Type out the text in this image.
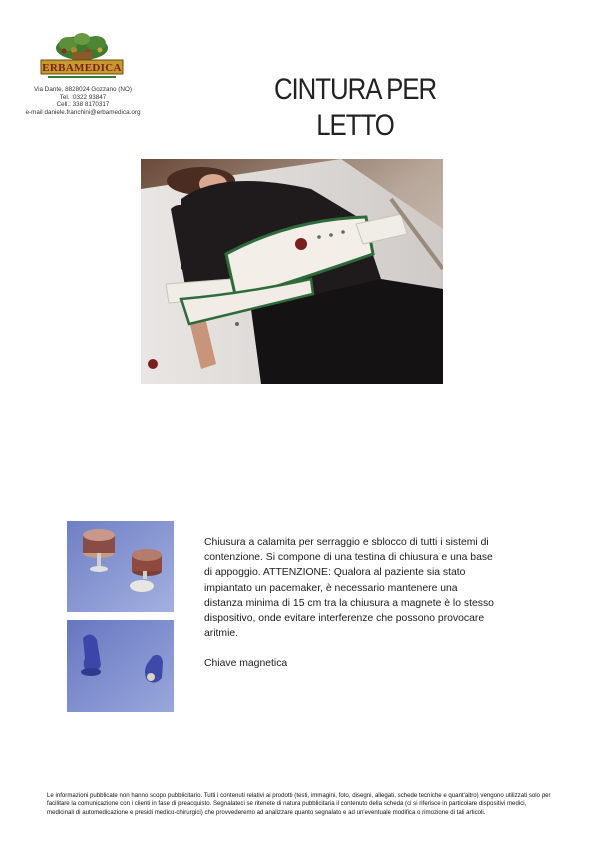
ERBAMEDICA
Via Dante, 8828024 Gozzano (NO)
Tel. :0322 93847
Cell.: 338 8170317
e-mail daniele.franchini@erbamedica.org
CINTURA PER LETTO

Chiusura a calamita per serraggio e sblocco di tutti i sistemi di contenzione. Si compone di una testina di chiusura e una base di appoggio. ATTENZIONE: Qualora al paziente sia stato impiantato un pacemaker, è necessario mantenere una distanza minima di 15 cm tra la chiusura a magnete è lo stesso dispositivo, onde evitare interferenze che possono provocare aritmie.

Chiave magnetica

Le informazioni pubblicate non hanno scopo pubblicitario. Tutti i contenuti relativi ai prodotti (testi, immagini, foto, disegni, allegati, schede tecniche e quant'altro) vengono utilizzati solo per facilitare la comunicazione con i clienti in fase di preacquisto. Segnalateci se ritenete di natura pubblicitaria il contenuto della scheda (ci si riferisce in particolare dispositivi medici, medicinali di automedicazione e presidi medico-chirurgici) che provvederemo ad analizzare quanto segnalato e ad un'eventuale modifica o rimozione di tali articoli.
